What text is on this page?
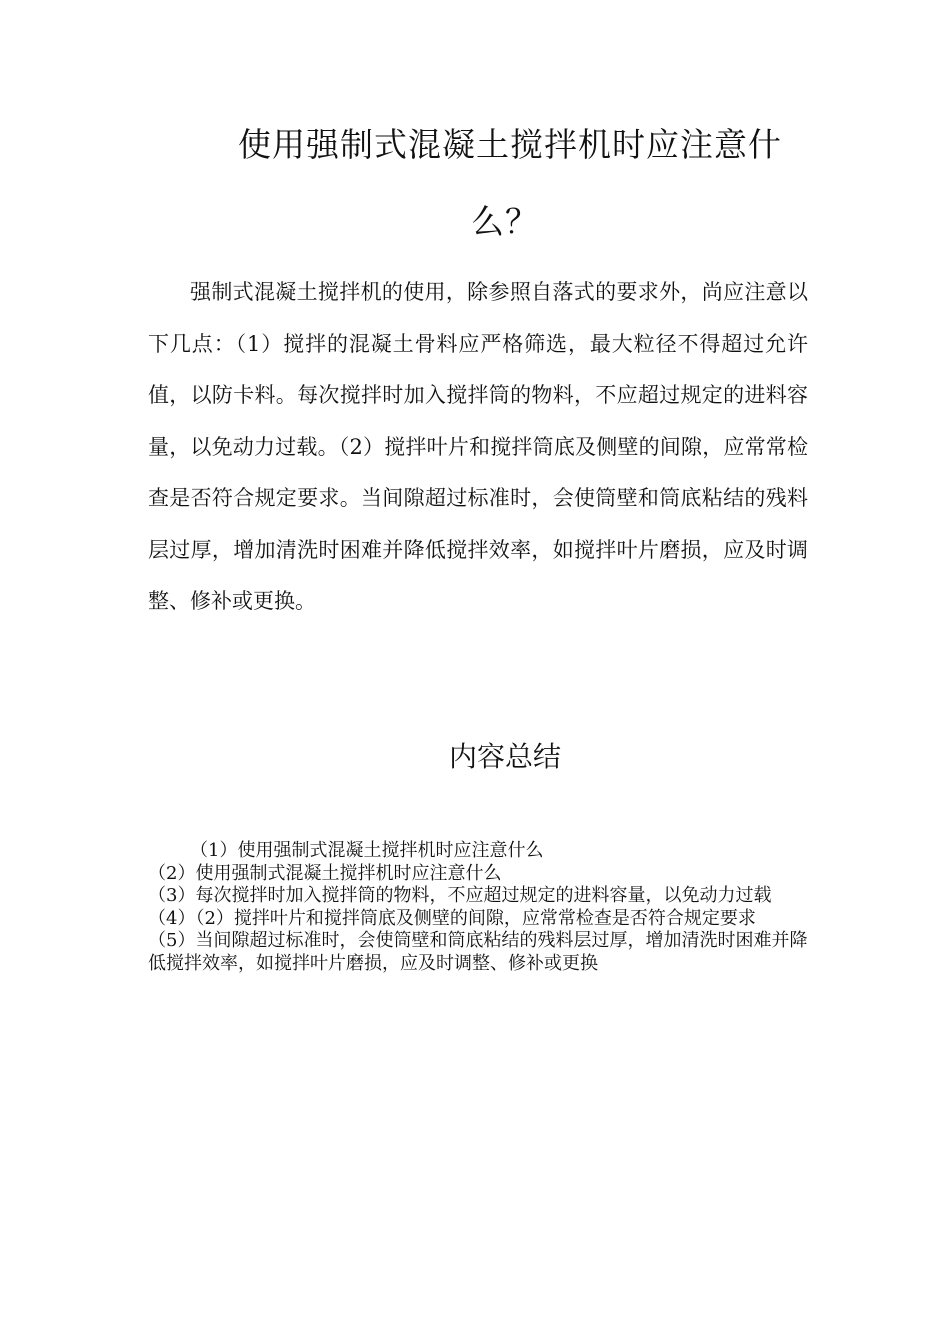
使用强制式混凝土搅拌机时应注意什
么？

强制式混凝土搅拌机的使用，除参照自落式的要求外，尚应注意以下几点：（1）搅拌的混凝土骨料应严格筛选，最大粒径不得超过允许值，以防卡料。每次搅拌时加入搅拌筒的物料，不应超过规定的进料容量，以免动力过载。（2）搅拌叶片和搅拌筒底及侧壁的间隙，应常常检查是否符合规定要求。当间隙超过标准时，会使筒壁和筒底粘结的残料层过厚，增加清洗时困难并降低搅拌效率，如搅拌叶片磨损，应及时调整、修补或更换。

内容总结
（1）使用强制式混凝土搅拌机时应注意什么
（2）使用强制式混凝土搅拌机时应注意什么
（3）每次搅拌时加入搅拌筒的物料，不应超过规定的进料容量，以免动力过载
（4）（2）搅拌叶片和搅拌筒底及侧壁的间隙，应常常检查是否符合规定要求
（5）当间隙超过标准时，会使筒壁和筒底粘结的残料层过厚，增加清洗时困难并降低搅拌效率，如搅拌叶片磨损，应及时调整、修补或更换
